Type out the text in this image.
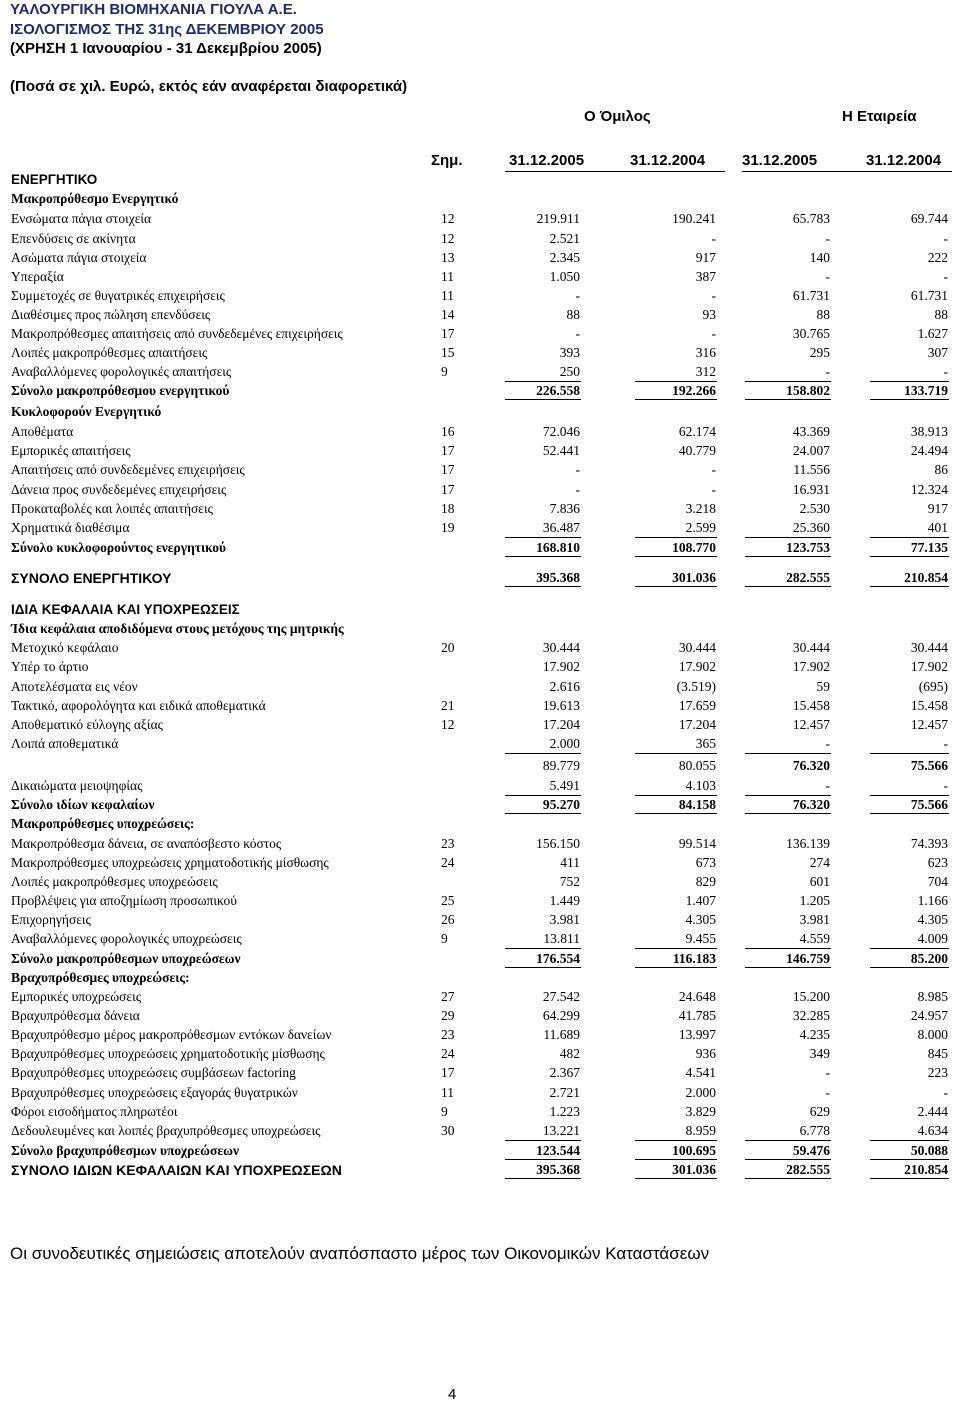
ΥΑΛΟΥΡΓΙΚΗ ΒΙΟΜΗΧΑΝΙΑ ΓΙΟΥΛΑ Α.Ε.
ΙΣΟΛΟΓΙΣΜΟΣ ΤΗΣ 31ης ΔΕΚΕΜΒΡΙΟΥ 2005
(ΧΡΗΣΗ 1 Ιανουαρίου - 31 Δεκεμβρίου 2005)
(Ποσά σε χιλ. Ευρώ, εκτός εάν αναφέρεται διαφορετικά)
Ο Όμιλος	Η Εταιρεία
Σημ.	31.12.2005	31.12.2004 31.12.2005	31.12.2004
ΕΝΕΡΓΗΤΙΚΟ
Μακροπρόθεσμο Ενεργητικό
Ενσώματα πάγια στοιχεία	12	219.911	190.241	65.783	69.744
Επενδύσεις σε ακίνητα	12	2.521	-	-	-
Ασώματα πάγια στοιχεία	13	2.345	917	140	222
Υπεραξία	11	1.050	387	-	-
Συμμετοχές σε θυγατρικές επιχειρήσεις	11	-	-	61.731	61.731
Διαθέσιμες προς πώληση επενδύσεις	14	88	93	88	88
Μακροπρόθεσμες απαιτήσεις από συνδεδεμένες επιχειρήσεις	17	-	-	30.765	1.627
Λοιπές μακροπρόθεσμες απαιτήσεις	15	393	316	295	307
Αναβαλλόμενες φορολογικές απαιτήσεις	9	250	312	-	-
Σύνολο μακροπρόθεσμου ενεργητικού	226.558	192.266	158.802	133.719
Κυκλοφορούν Ενεργητικό
Αποθέματα	16	72.046	62.174	43.369	38.913
Εμπορικές απαιτήσεις	17	52.441	40.779	24.007	24.494
Απαιτήσεις από συνδεδεμένες επιχειρήσεις	17	-	-	11.556	86
Δάνεια προς συνδεδεμένες επιχειρήσεις	17	-	-	16.931	12.324
Προκαταβολές και λοιπές απαιτήσεις	18	7.836	3.218	2.530	917
Χρηματικά διαθέσιμα	19	36.487	2.599	25.360	401
Σύνολο κυκλοφορούντος ενεργητικού	168.810	108.770	123.753	77.135
ΣΥΝΟΛΟ ΕΝΕΡΓΗΤΙΚΟΥ	395.368	301.036	282.555	210.854
ΙΔΙΑ ΚΕΦΑΛΑΙΑ ΚΑΙ ΥΠΟΧΡΕΩΣΕΙΣ
Ίδια κεφάλαια αποδιδόμενα στους μετόχους της μητρικής
Μετοχικό κεφάλαιο	20	30.444	30.444	30.444	30.444
Υπέρ το άρτιο	17.902	17.902	17.902	17.902
Αποτελέσματα εις νέον	2.616	(3.519)	59	(695)
Τακτικό, αφορολόγητα και ειδικά αποθεματικά	21	19.613	17.659	15.458	15.458
Αποθεματικό εύλογης αξίας	12	17.204	17.204	12.457	12.457
Λοιπά αποθεματικά	2.000	365	-	-
89.779	80.055	76.320	75.566
Δικαιώματα μειοψηφίας	5.491	4.103	-	-
Σύνολο ιδίων κεφαλαίων	95.270	84.158	76.320	75.566
Μακροπρόθεσμες υποχρεώσεις:
Μακροπρόθεσμα δάνεια, σε αναπόσβεστο κόστος	23	156.150	99.514	136.139	74.393
Μακροπρόθεσμες υποχρεώσεις χρηματοδοτικής μίσθωσης	24	411	673	274	623
Λοιπές μακροπρόθεσμες υποχρεώσεις	752	829	601	704
Προβλέψεις για αποζημίωση προσωπικού	25	1.449	1.407	1.205	1.166
Επιχορηγήσεις	26	3.981	4.305	3.981	4.305
Αναβαλλόμενες φορολογικές υποχρεώσεις	9	13.811	9.455	4.559	4.009
Σύνολο μακροπρόθεσμων υποχρεώσεων	176.554	116.183	146.759	85.200
Βραχυπρόθεσμες υποχρεώσεις:
Εμπορικές υποχρεώσεις	27	27.542	24.648	15.200	8.985
Βραχυπρόθεσμα δάνεια	29	64.299	41.785	32.285	24.957
Βραχυπρόθεσμο μέρος μακροπρόθεσμων εντόκων δανείων	23	11.689	13.997	4.235	8.000
Βραχυπρόθεσμες υποχρεώσεις χρηματοδοτικής μίσθωσης	24	482	936	349	845
Βραχυπρόθεσμες υποχρεώσεις συμβάσεων factoring	17	2.367	4.541	-	223
Βραχυπρόθεσμες υποχρεώσεις εξαγοράς θυγατρικών	11	2.721	2.000	-	-
Φόροι εισοδήματος πληρωτέοι	9	1.223	3.829	629	2.444
Δεδουλευμένες και λοιπές βραχυπρόθεσμες υποχρεώσεις	30	13.221	8.959	6.778	4.634
Σύνολο βραχυπρόθεσμων υποχρεώσεων	123.544	100.695	59.476	50.088
ΣΥΝΟΛΟ ΙΔΙΩΝ ΚΕΦΑΛΑΙΩΝ ΚΑΙ ΥΠΟΧΡΕΩΣΕΩΝ	395.368	301.036	282.555	210.854
Οι συνοδευτικές σημειώσεις αποτελούν αναπόσπαστο μέρος των Οικονομικών Καταστάσεων
4
